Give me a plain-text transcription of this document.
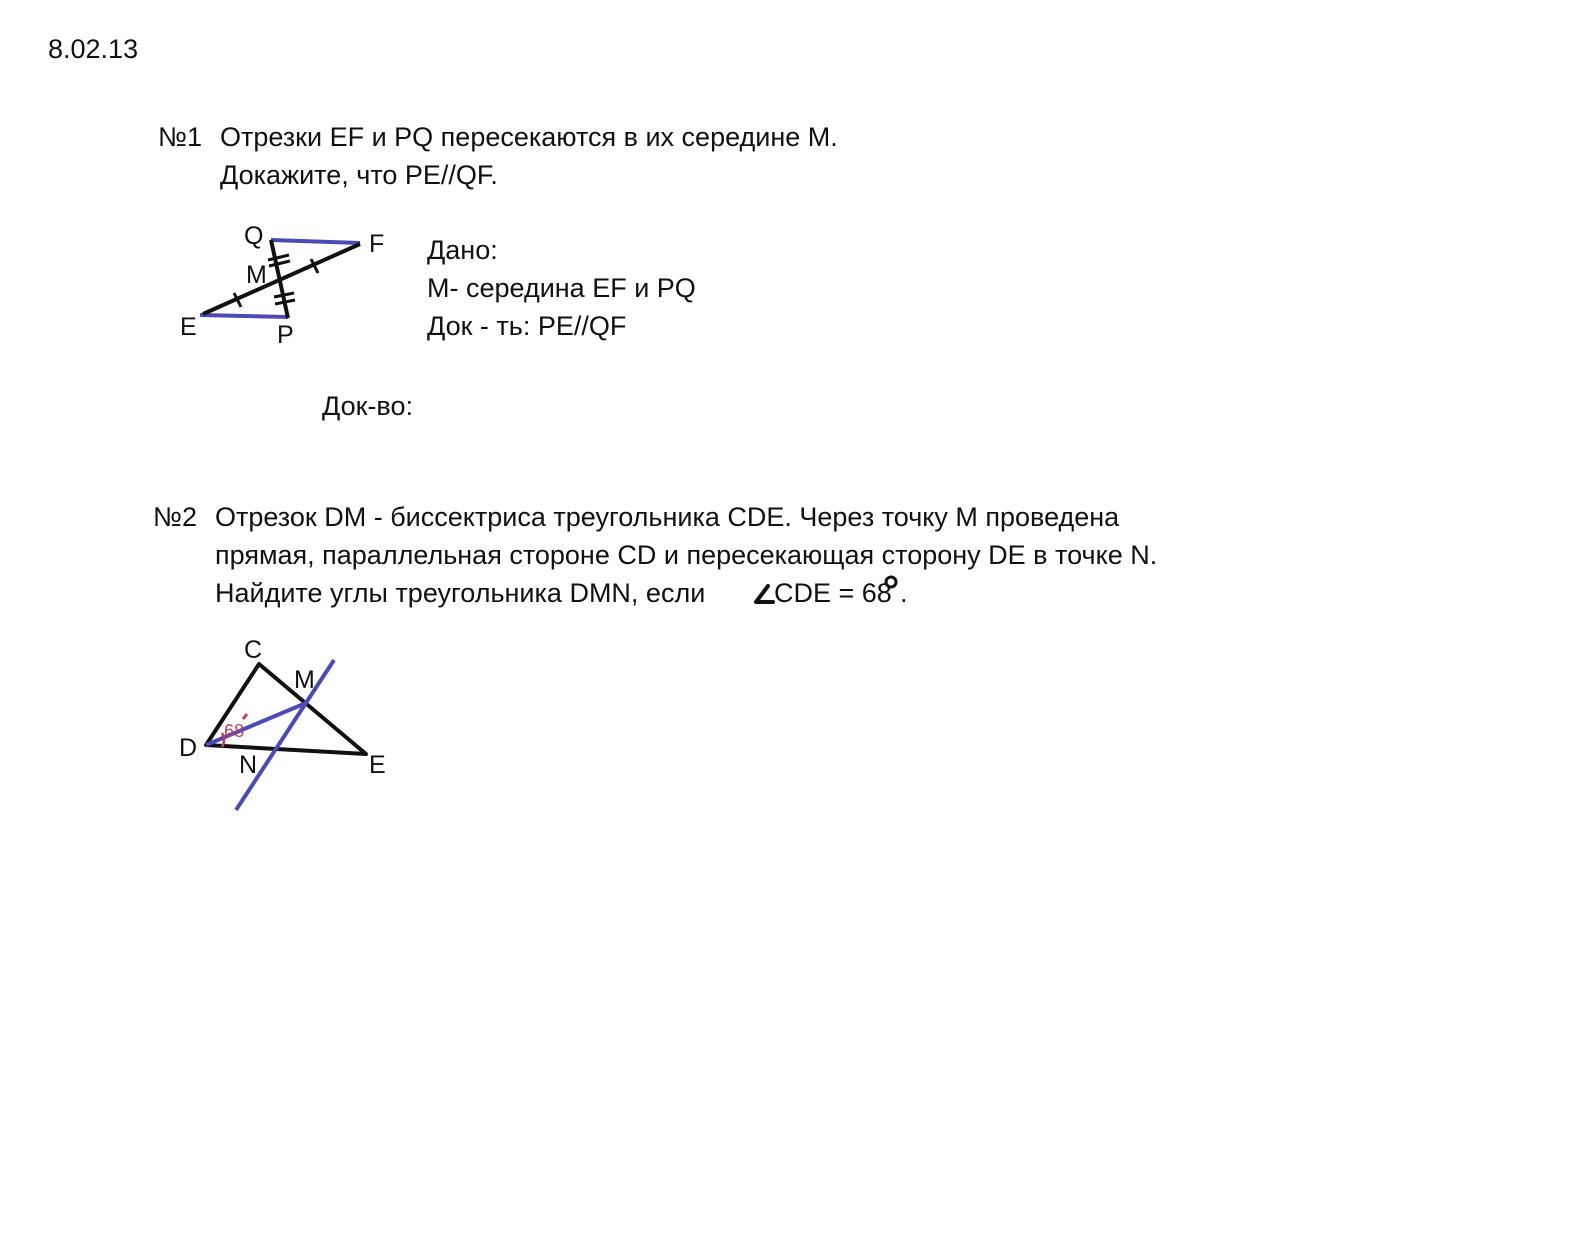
8.02.13
№1 Отрезки EF и PQ пересекаются в их середине M.
Докажите, что PE//QF.
Дано:
M- середина EF и PQ
Док - ть: PE//QF
Док-во:
Q	F
M
E	P
№2 Отрезок DM - биссектриса треугольника CDE. Через точку M проведена
прямая, параллельная стороне CD и пересекающая сторону DE в точке N.
Найдите углы треугольника DMN, если	CDE = 68 .
C
M
D
N	E
68
